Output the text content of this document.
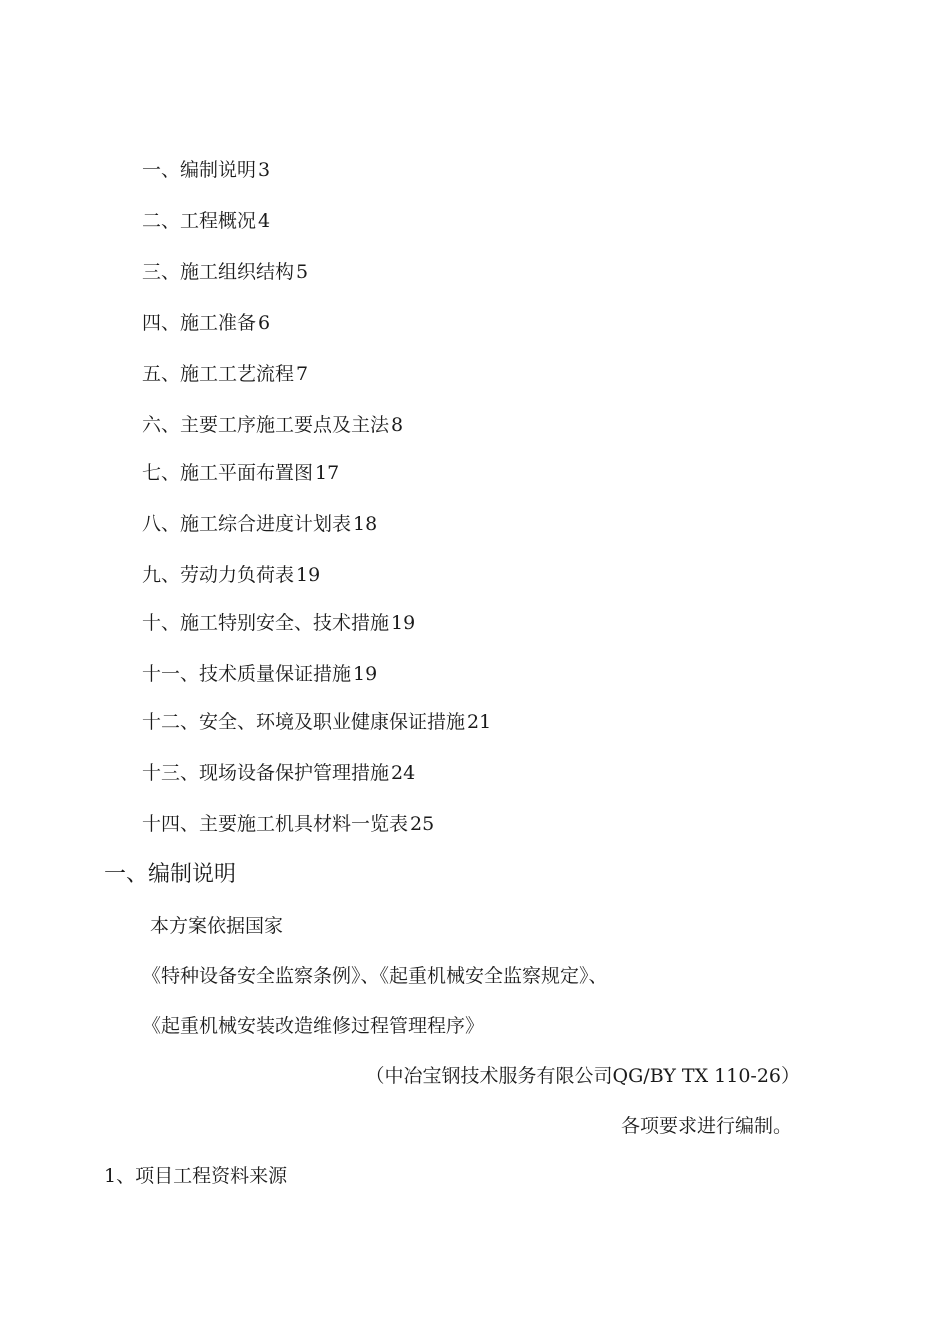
一、编制说明 3
二、工程概况 4
三、施工组织结构 5
四、施工准备 6
五、施工工艺流程 7
六、主要工序施工要点及主法 8
七、施工平面布置图 17
八、施工综合进度计划表 18
九、劳动力负荷表 19
十、施工特别安全、技术措施 19
十一、技术质量保证措施 19
十二、安全、环境及职业健康保证措施 21
十三、现场设备保护管理措施 24
十四、主要施工机具材料一览表 25
一、编制说明
本方案依据国家
《特种设备安全监察条例》、《起重机械安全监察规定》、
《起重机械安装改造维修过程管理程序》
（中冶宝钢技术服务有限公司QG/BY TX 110-26）
各项要求进行编制。
1、项目工程资料来源
